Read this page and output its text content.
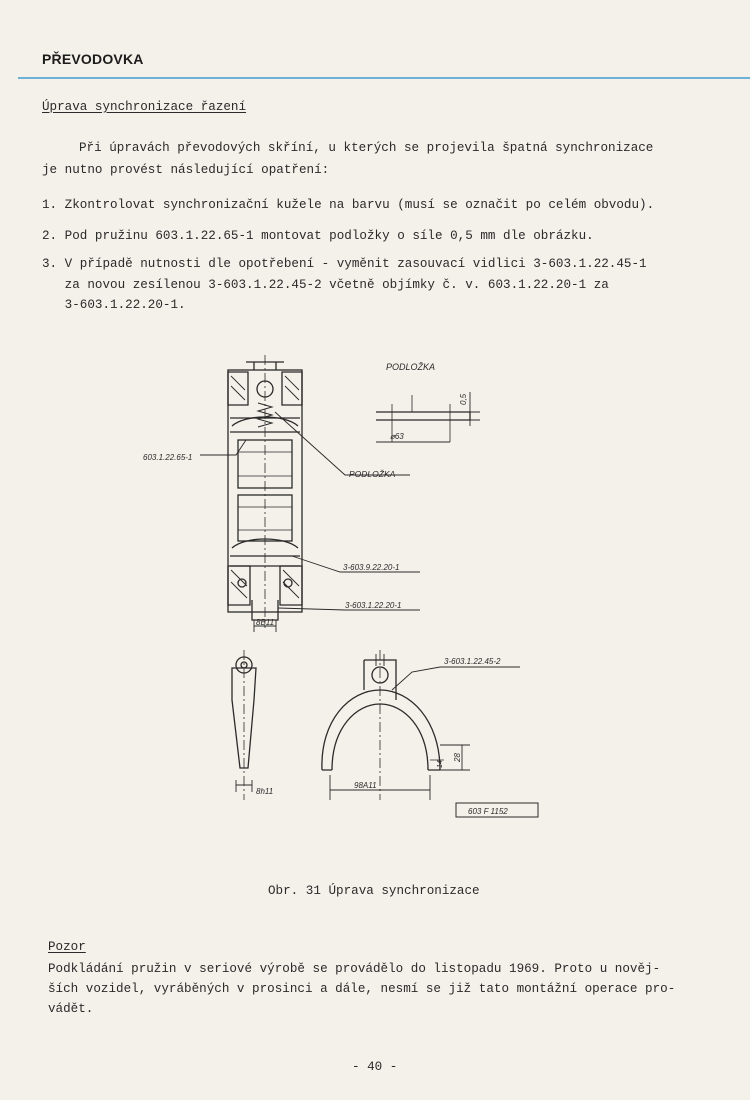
PŘEVODOVKA
Úprava synchronizace řazení
Při úpravách převodových skříní, u kterých se projevila špatná synchronizace
je nutno provést následující opatření:
1. Zkontrolovat synchronizační kužele na barvu (musí se označit po celém obvodu).
2. Pod pružinu 603.1.22.65-1 montovat podložky o síle 0,5 mm dle obrázku.
3. V případě nutnosti dle opotřebení - vyměnit zasouvací vidlici 3-603.1.22.45-1
za novou zesílenou 3-603.1.22.45-2 včetně objímky č. v. 603.1.22.20-1 za
3-603.1.22.20-1.
PODLOŽKA
0,5
⌀63
603.1.22.65-1
PODLOŽKA
3-603.9.22.20-1
3-603.1.22.20-1
8B11
3-603.1.22.45-2
8h11
98A11
14
28
603 F 1152
Obr. 31 Úprava synchronizace
Pozor
Podkládání pružin v seriové výrobě se provádělo do listopadu 1969. Proto u nověj-
ších vozidel, vyráběných v prosinci a dále, nesmí se již tato montážní operace pro-
vádět.
- 40 -
